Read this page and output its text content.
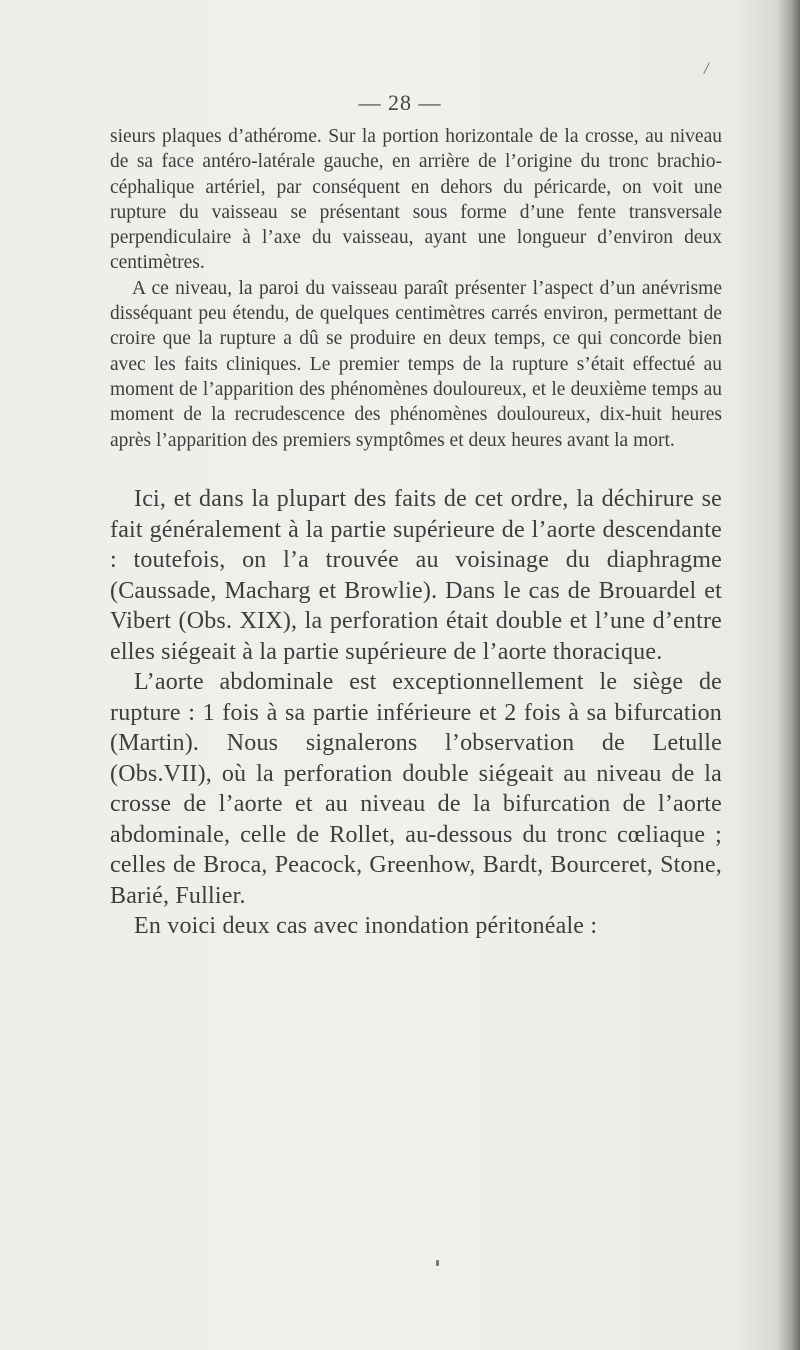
/
— 28 —

sieurs plaques d’athérome. Sur la portion horizontale de la crosse, au niveau de sa face antéro-latérale gauche, en arrière de l’origine du tronc brachio-céphalique artériel, par conséquent en dehors du péricarde, on voit une rupture du vaisseau se présentant sous forme d’une fente transversale perpendiculaire à l’axe du vaisseau, ayant une longueur d’environ deux centimètres.

A ce niveau, la paroi du vaisseau paraît présenter l’aspect d’un anévrisme disséquant peu étendu, de quelques centimètres carrés environ, permettant de croire que la rupture a dû se produire en deux temps, ce qui concorde bien avec les faits cliniques. Le premier temps de la rupture s’était effectué au moment de l’apparition des phénomènes douloureux, et le deuxième temps au moment de la recrudescence des phénomènes douloureux, dix-huit heures après l’apparition des premiers symptômes et deux heures avant la mort.

Ici, et dans la plupart des faits de cet ordre, la déchirure se fait généralement à la partie supérieure de l’aorte descendante : toutefois, on l’a trouvée au voisinage du diaphragme (Caussade, Macharg et Browlie). Dans le cas de Brouardel et Vibert (Obs. XIX), la perforation était double et l’une d’entre elles siégeait à la partie supérieure de l’aorte thoracique.

L’aorte abdominale est exceptionnellement le siège de rupture : 1 fois à sa partie inférieure et 2 fois à sa bifurcation (Martin). Nous signalerons l’observation de Letulle (Obs.VII), où la perforation double siégeait au niveau de la crosse de l’aorte et au niveau de la bifurcation de l’aorte abdominale, celle de Rollet, au-dessous du tronc cœliaque ; celles de Broca, Peacock, Greenhow, Bardt, Bourceret, Stone, Barié, Fullier.

En voici deux cas avec inondation péritonéale :
